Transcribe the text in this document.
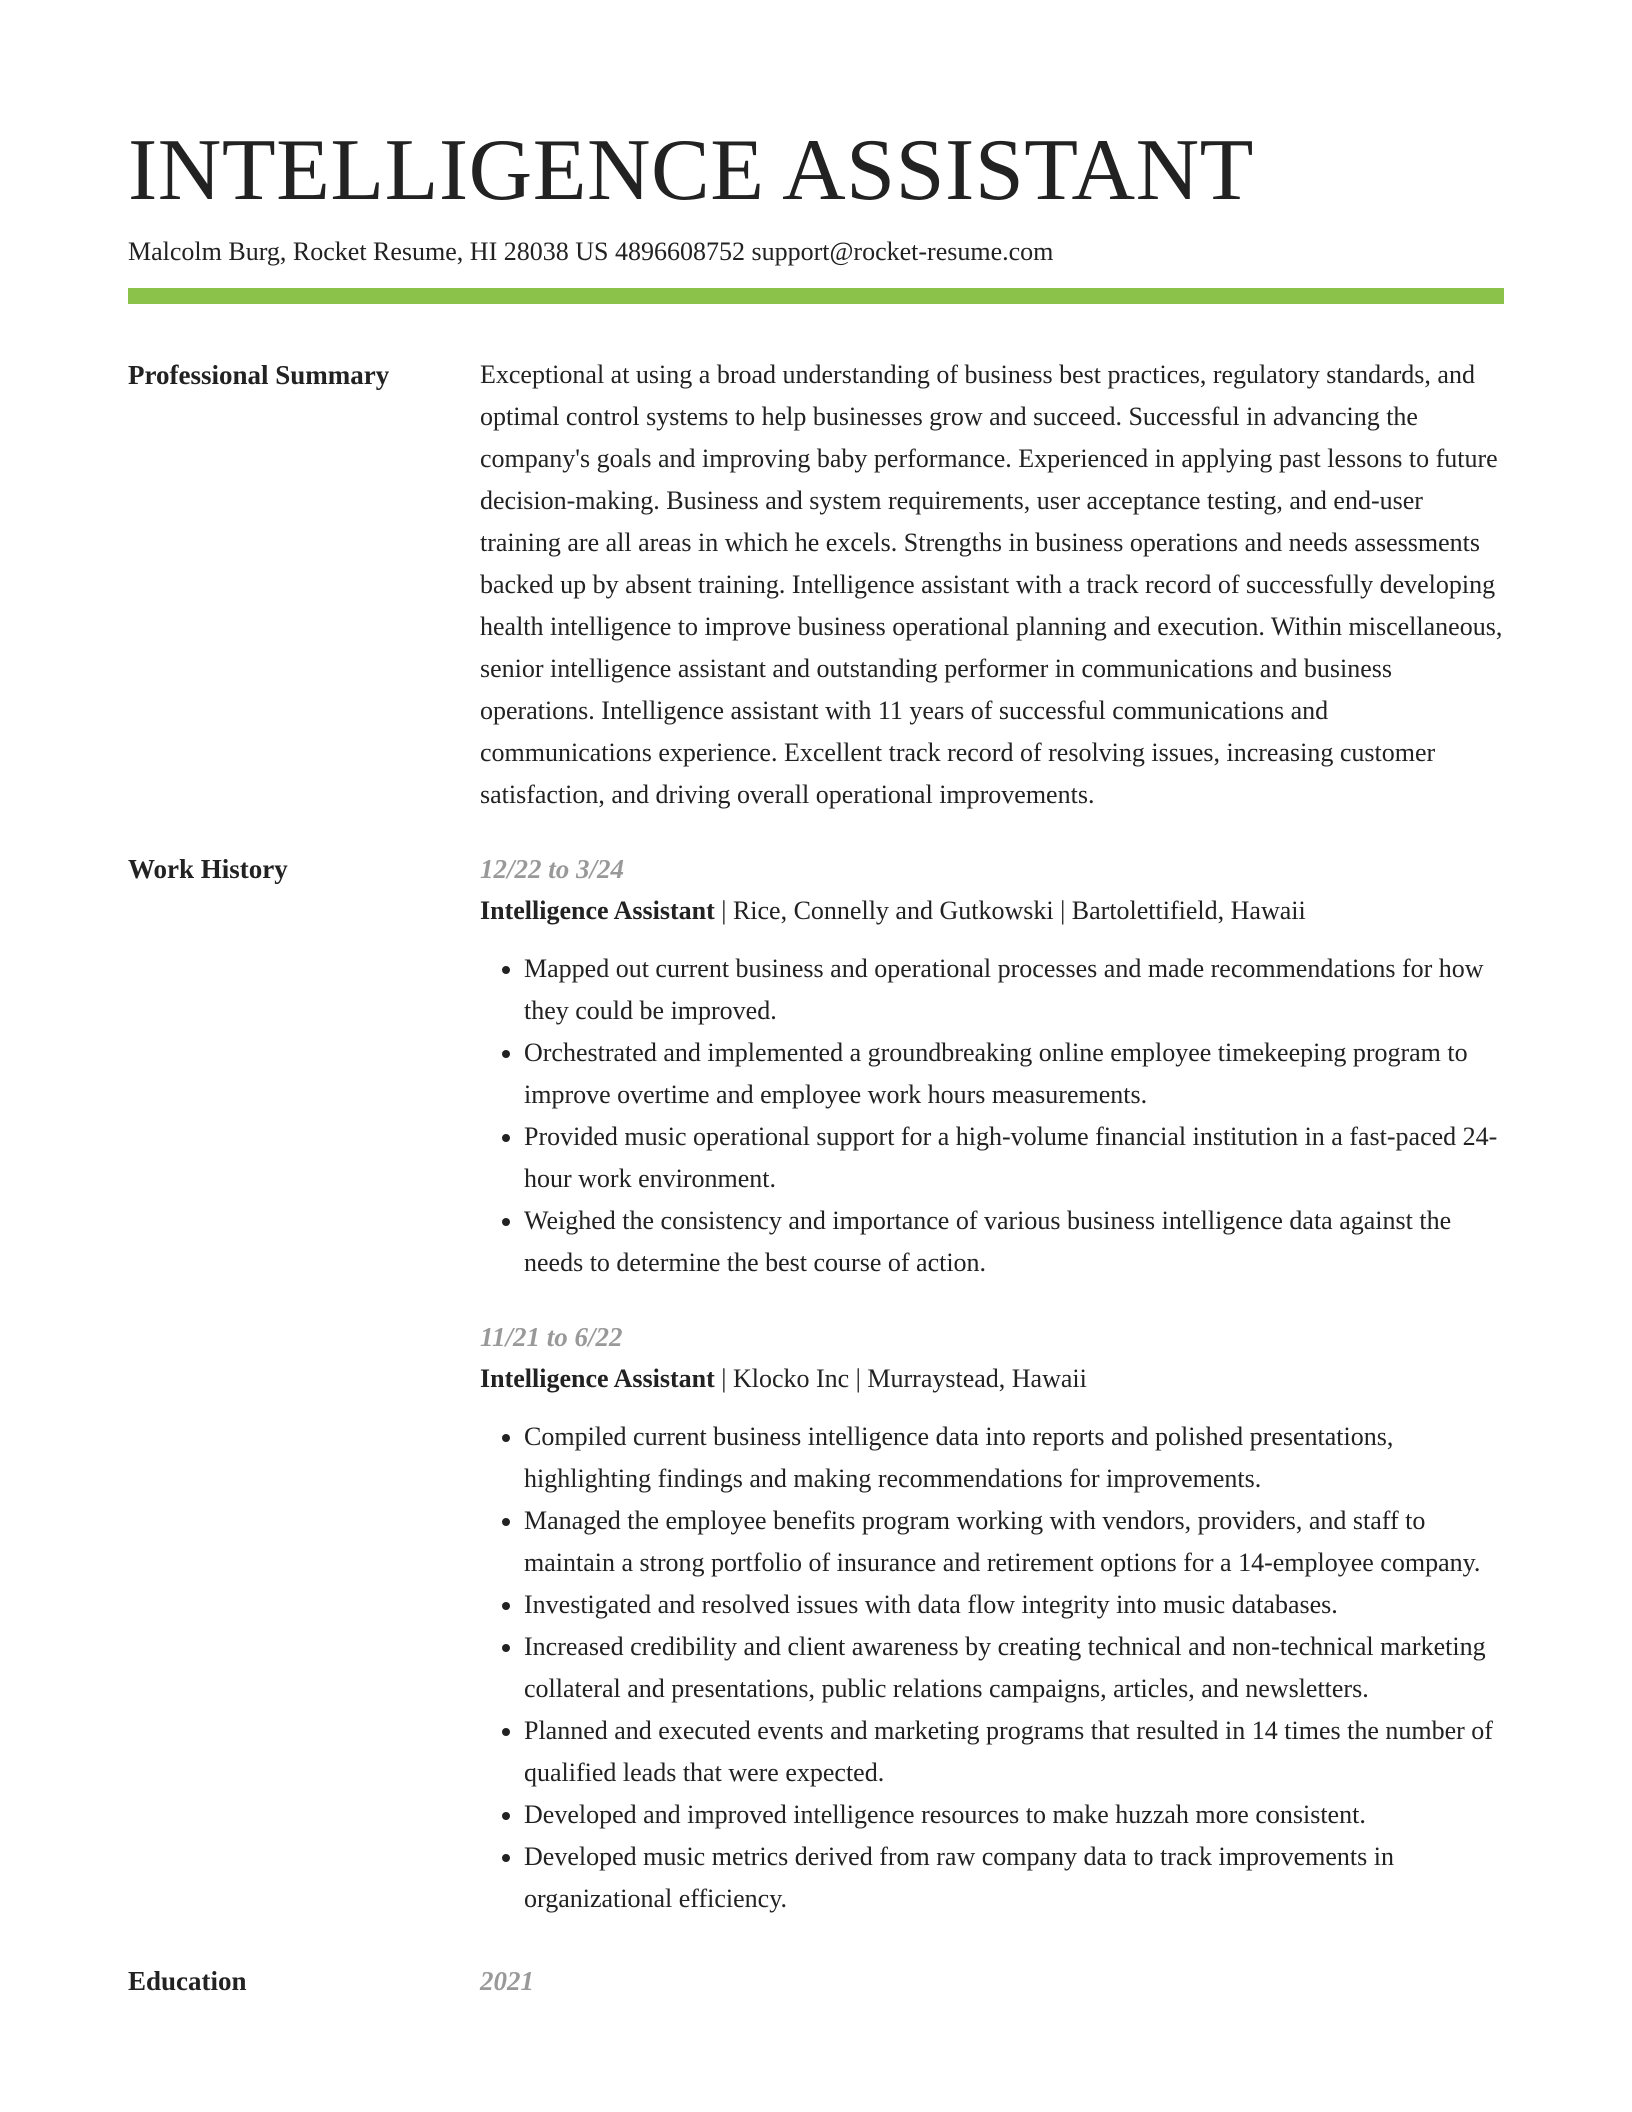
INTELLIGENCE ASSISTANT
Malcolm Burg, Rocket Resume, HI 28038 US 4896608752 support@rocket-resume.com
Professional Summary	Exceptional at using a broad understanding of business best practices, regulatory standards, and optimal control systems to help businesses grow and succeed. Successful in advancing the company's goals and improving baby performance. Experienced in applying past lessons to future decision-making. Business and system requirements, user acceptance testing, and end-user training are all areas in which he excels. Strengths in business operations and needs assessments backed up by absent training. Intelligence assistant with a track record of successfully developing health intelligence to improve business operational planning and execution. Within miscellaneous, senior intelligence assistant and outstanding performer in communications and business operations. Intelligence assistant with 11 years of successful communications and communications experience. Excellent track record of resolving issues, increasing customer satisfaction, and driving overall operational improvements.

Work History	12/22 to 3/24
Intelligence Assistant | Rice, Connelly and Gutkowski | Bartolettifield, Hawaii
• Mapped out current business and operational processes and made recommendations for how they could be improved.
• Orchestrated and implemented a groundbreaking online employee timekeeping program to improve overtime and employee work hours measurements.
• Provided music operational support for a high-volume financial institution in a fast-paced 24-hour work environment.
• Weighed the consistency and importance of various business intelligence data against the needs to determine the best course of action.
11/21 to 6/22
Intelligence Assistant | Klocko Inc | Murraystead, Hawaii
• Compiled current business intelligence data into reports and polished presentations, highlighting findings and making recommendations for improvements.
• Managed the employee benefits program working with vendors, providers, and staff to maintain a strong portfolio of insurance and retirement options for a 14-employee company.
• Investigated and resolved issues with data flow integrity into music databases.
• Increased credibility and client awareness by creating technical and non-technical marketing collateral and presentations, public relations campaigns, articles, and newsletters.
• Planned and executed events and marketing programs that resulted in 14 times the number of qualified leads that were expected.
• Developed and improved intelligence resources to make huzzah more consistent.
• Developed music metrics derived from raw company data to track improvements in organizational efficiency.
Education	2021
